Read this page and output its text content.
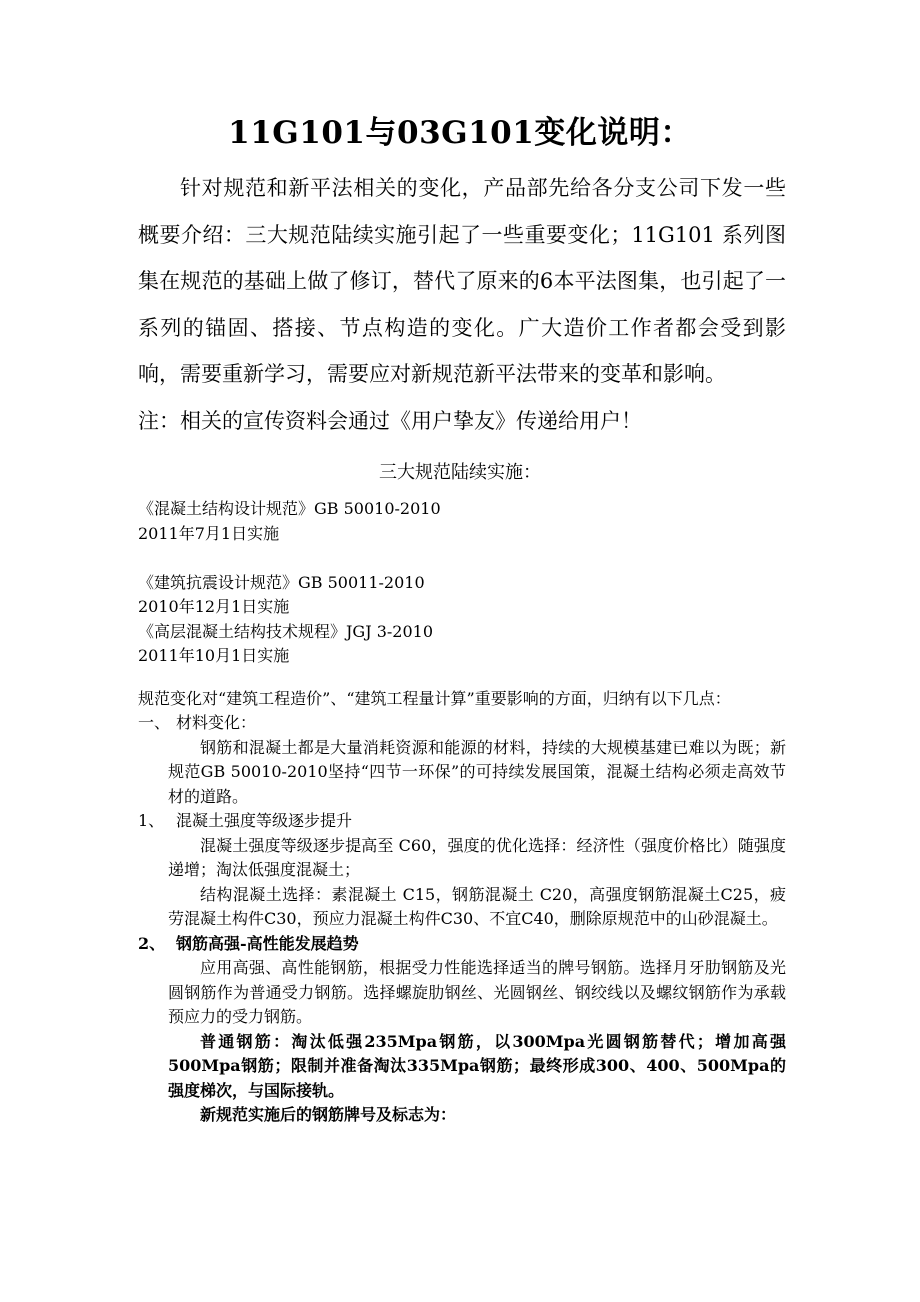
11G101与03G101变化说明：

针对规范和新平法相关的变化，产品部先给各分支公司下发一些概要介绍：三大规范陆续实施引起了一些重要变化；11G101 系列图集在规范的基础上做了修订，替代了原来的6本平法图集，也引起了一系列的锚固、搭接、节点构造的变化。广大造价工作者都会受到影响，需要重新学习，需要应对新规范新平法带来的变革和影响。

注：相关的宣传资料会通过《用户挚友》传递给用户！

三大规范陆续实施：

《混凝土结构设计规范》GB 50010-2010

2011年7月1日实施

《建筑抗震设计规范》GB 50011-2010

2010年12月1日实施

《高层混凝土结构技术规程》JGJ 3-2010

2011年10月1日实施

规范变化对“建筑工程造价”、“建筑工程量计算”重要影响的方面，归纳有以下几点：

一、 材料变化：

钢筋和混凝土都是大量消耗资源和能源的材料，持续的大规模基建已难以为既；新规范GB 50010-2010坚持“四节一环保”的可持续发展国策，混凝土结构必须走高效节材的道路。

1、 混凝土强度等级逐步提升

混凝土强度等级逐步提高至 C60，强度的优化选择：经济性（强度价格比）随强度递增；淘汰低强度混凝土；

结构混凝土选择：素混凝土 C15，钢筋混凝土 C20，高强度钢筋混凝土C25，疲劳混凝土构件C30，预应力混凝土构件C30、不宜C40，删除原规范中的山砂混凝土。

2、 钢筋高强-高性能发展趋势

应用高强、高性能钢筋，根据受力性能选择适当的牌号钢筋。选择月牙肋钢筋及光圆钢筋作为普通受力钢筋。选择螺旋肋钢丝、光圆钢丝、钢绞线以及螺纹钢筋作为承载预应力的受力钢筋。

普通钢筋：淘汰低强235Mpa钢筋，以300Mpa光圆钢筋替代；增加高强500Mpa钢筋；限制并准备淘汰335Mpa钢筋；最终形成300、400、500Mpa的强度梯次，与国际接轨。

新规范实施后的钢筋牌号及标志为：
